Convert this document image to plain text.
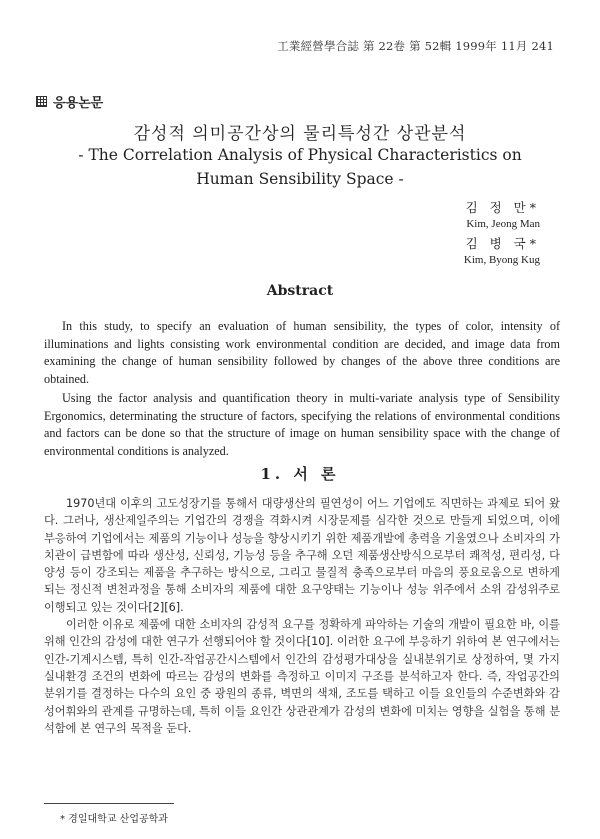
工業經營學合誌 第 22卷 第 52輯 1999年 11月 241
응용논문
감성적 의미공간상의 물리특성간 상관분석
- The Correlation Analysis of Physical Characteristics on
Human Sensibility Space -
김 정 만*
Kim, Jeong Man
김 병 국*
Kim, Byong Kug
Abstract

In this study, to specify an evaluation of human sensibility, the types of color, intensity of illuminations and lights consisting work environmental condition are decided, and image data from examining the change of human sensibility followed by changes of the above three conditions are obtained.

Using the factor analysis and quantification theory in multi-variate analysis type of Sensibility Ergonomics, determinating the structure of factors, specifying the relations of environmental conditions and factors can be done so that the structure of image on human sensibility space with the change of environmental conditions is analyzed.

1. 서 론

1970년대 이후의 고도성장기를 통해서 대량생산의 필연성이 어느 기업에도 직면하는 과제로 되어 왔다. 그러나, 생산제일주의는 기업간의 경쟁을 격화시켜 시장문제를 심각한 것으로 만들게 되었으며, 이에 부응하여 기업에서는 제품의 기능이나 성능을 향상시키기 위한 제품개발에 총력을 기울였으나 소비자의 가치관이 급변함에 따라 생산성, 신뢰성, 기능성 등을 추구해 오던 제품생산방식으로부터 쾌적성, 편리성, 다양성 등이 강조되는 제품을 추구하는 방식으로, 그리고 물질적 충족으로부터 마음의 풍요로움으로 변하게 되는 정신적 변천과정을 통해 소비자의 제품에 대한 요구양태는 기능이나 성능 위주에서 소위 감성위주로 이행되고 있는 것이다[2][6].

이러한 이유로 제품에 대한 소비자의 감성적 요구를 정확하게 파악하는 기술의 개발이 필요한 바, 이를 위해 인간의 감성에 대한 연구가 선행되어야 할 것이다[10]. 이러한 요구에 부응하기 위하여 본 연구에서는 인간-기계시스템, 특히 인간-작업공간시스템에서 인간의 감성평가대상을 실내분위기로 상정하여, 몇 가지 실내환경 조건의 변화에 따르는 감성의 변화를 측정하고 이미지 구조를 분석하고자 한다. 즉, 작업공간의 분위기를 결정하는 다수의 요인 중 광원의 종류, 벽면의 색채, 조도를 택하고 이들 요인들의 수준변화와 감성어휘와의 관계를 규명하는데, 특히 이들 요인간 상관관계가 감성의 변화에 미치는 영향을 실험을 통해 분석함에 본 연구의 목적을 둔다.

* 경일대학교 산업공학과
